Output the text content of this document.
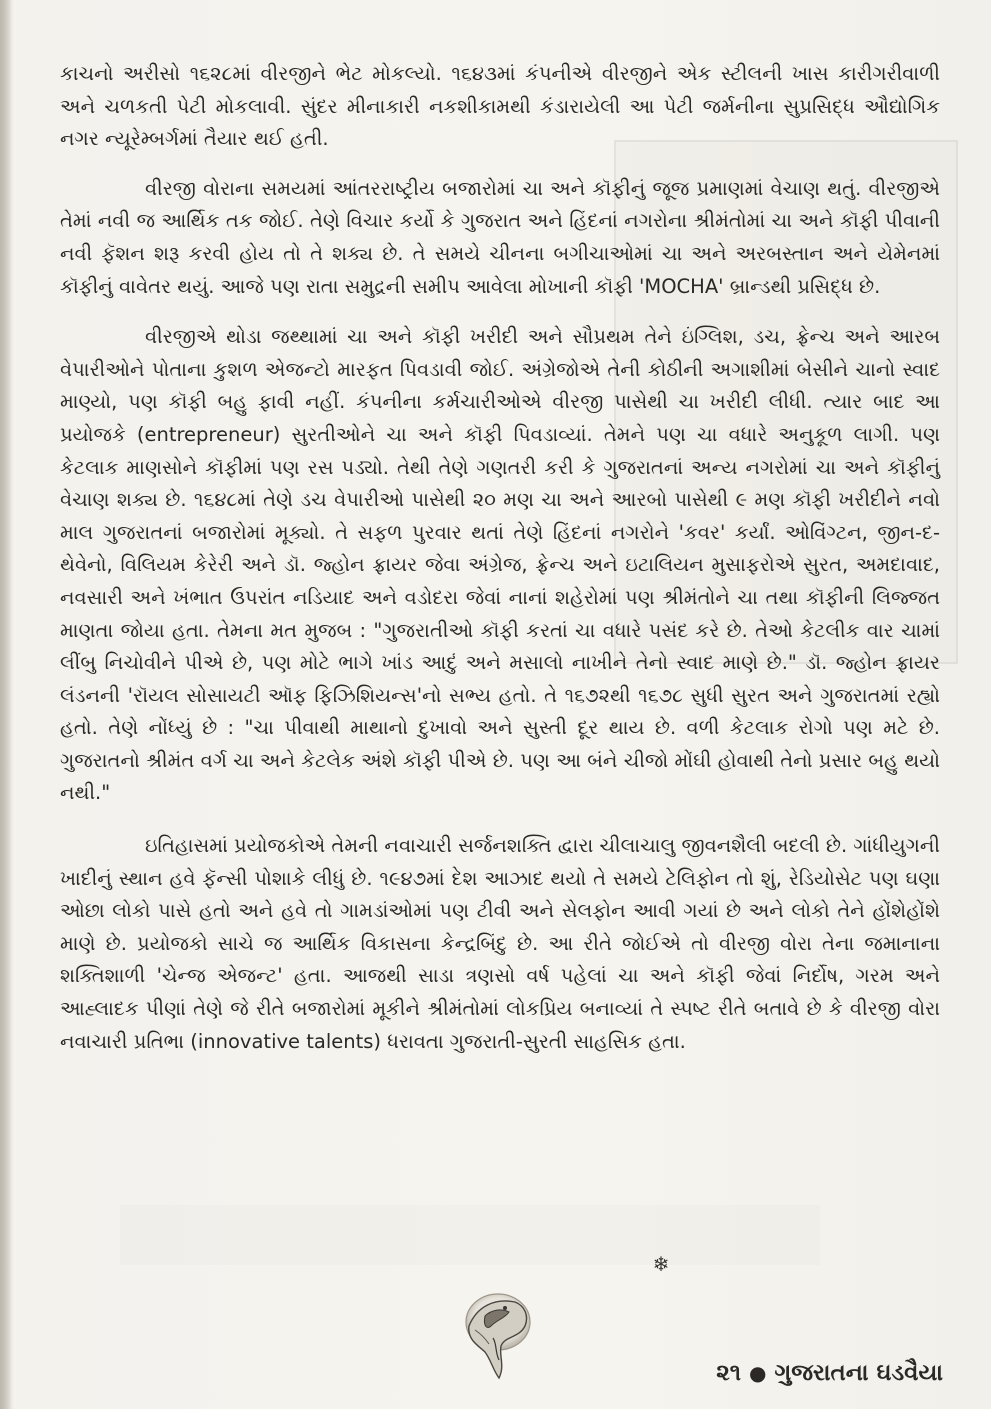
કાચનો અરીસો ૧૬૨૮માં વીરજીને ભેટ મોકલ્યો. ૧૬૪૩માં કંપનીએ વીરજીને એક સ્ટીલની ખાસ કારીગરીવાળી અને ચળકતી પેટી મોકલાવી. સુંદર મીનાકારી નકશીકામથી કંડારાયેલી આ પેટી જર્મનીના સુપ્રસિદ્ધ ઔદ્યોગિક નગર ન્યૂરેમ્બર્ગમાં તૈયાર થઈ હતી.

વીરજી વોરાના સમયમાં આંતરરાષ્ટ્રીય બજારોમાં ચા અને કૉફીનું જૂજ પ્રમાણમાં વેચાણ થતું. વીરજીએ તેમાં નવી જ આર્થિક તક જોઈ. તેણે વિચાર કર્યો કે ગુજરાત અને હિંદનાં નગરોના શ્રીમંતોમાં ચા અને કૉફી પીવાની નવી ફૅશન શરૂ કરવી હોય તો તે શક્ય છે. તે સમયે ચીનના બગીચાઓમાં ચા અને અરબસ્તાન અને યેમેનમાં કૉફીનું વાવેતર થયું. આજે પણ રાતા સમુદ્રની સમીપ આવેલા મોખાની કૉફી 'MOCHA' બ્રાન્ડથી પ્રસિદ્ધ છે.

વીરજીએ થોડા જથ્થામાં ચા અને કૉફી ખરીદી અને સૌપ્રથમ તેને ઇંગ્લિશ, ડચ, ફ્રેન્ચ અને આરબ વેપારીઓને પોતાના કુશળ એજન્ટો મારફત પિવડાવી જોઈ. અંગ્રેજોએ તેની કોઠીની અગાશીમાં બેસીને ચાનો સ્વાદ માણ્યો, પણ કૉફી બહુ ફાવી નહીં. કંપનીના કર્મચારીઓએ વીરજી પાસેથી ચા ખરીદી લીધી. ત્યાર બાદ આ પ્રયોજકે (entrepreneur) સુરતીઓને ચા અને કૉફી પિવડાવ્યાં. તેમને પણ ચા વધારે અનુકૂળ લાગી. પણ કેટલાક માણસોને કૉફીમાં પણ રસ પડ્યો. તેથી તેણે ગણતરી કરી કે ગુજરાતનાં અન્ય નગરોમાં ચા અને કૉફીનું વેચાણ શક્ય છે. ૧૬૪૮માં તેણે ડચ વેપારીઓ પાસેથી ૨૦ મણ ચા અને આરબો પાસેથી ૯ મણ કૉફી ખરીદીને નવો માલ ગુજરાતનાં બજારોમાં મૂક્યો. તે સફળ પુરવાર થતાં તેણે હિંદનાં નગરોને 'કવર' કર્યાં. ઓવિંગ્ટન, જીન-દ-થેવેનો, વિલિયમ કેરેરી અને ડૉ. જ્હોન ફ્રાયર જેવા અંગ્રેજ, ફ્રેન્ચ અને ઇટાલિયન મુસાફરોએ સુરત, અમદાવાદ, નવસારી અને ખંભાત ઉપરાંત નડિયાદ અને વડોદરા જેવાં નાનાં શહેરોમાં પણ શ્રીમંતોને ચા તથા કૉફીની લિજ્જત માણતા જોયા હતા. તેમના મત મુજબ : "ગુજરાતીઓ કૉફી કરતાં ચા વધારે પસંદ કરે છે. તેઓ કેટલીક વાર ચામાં લીંબુ નિચોવીને પીએ છે, પણ મોટે ભાગે ખાંડ આદું અને મસાલો નાખીને તેનો સ્વાદ માણે છે." ડૉ. જ્હોન ફ્રાયર લંડનની 'રૉયલ સોસાયટી ઑફ ફિઝિશિયન્સ'નો સભ્ય હતો. તે ૧૬૭૨થી ૧૬૭૮ સુધી સુરત અને ગુજરાતમાં રહ્યો હતો. તેણે નોંધ્યું છે : "ચા પીવાથી માથાનો દુખાવો અને સુસ્તી દૂર થાય છે. વળી કેટલાક રોગો પણ મટે છે. ગુજરાતનો શ્રીમંત વર્ગ ચા અને કેટલેક અંશે કૉફી પીએ છે. પણ આ બંને ચીજો મોંઘી હોવાથી તેનો પ્રસાર બહુ થયો નથી."

ઇતિહાસમાં પ્રયોજકોએ તેમની નવાચારી સર્જનશક્તિ દ્વારા ચીલાચાલુ જીવનશૈલી બદલી છે. ગાંધીયુગની ખાદીનું સ્થાન હવે ફૅન્સી પોશાકે લીધું છે. ૧૯૪૭માં દેશ આઝાદ થયો તે સમયે ટેલિફોન તો શું, રેડિયોસેટ પણ ઘણા ઓછા લોકો પાસે હતો અને હવે તો ગામડાંઓમાં પણ ટીવી અને સેલફોન આવી ગયાં છે અને લોકો તેને હોંશેહોંશે માણે છે. પ્રયોજકો સાચે જ આર્થિક વિકાસના કેન્દ્રબિંદુ છે. આ રીતે જોઈએ તો વીરજી વોરા તેના જમાનાના શક્તિશાળી 'ચેન્જ એજન્ટ' હતા. આજથી સાડા ત્રણસો વર્ષ પહેલાં ચા અને કૉફી જેવાં નિર્દોષ, ગરમ અને આહ્લાદક પીણાં તેણે જે રીતે બજારોમાં મૂકીને શ્રીમંતોમાં લોકપ્રિય બનાવ્યાં તે સ્પષ્ટ રીતે બતાવે છે કે વીરજી વોરા નવાચારી પ્રતિભા (innovative talents) ધરાવતા ગુજરાતી-સુરતી સાહસિક હતા.

❄
૨૧ ● ગુજરાતના ઘડવૈયા
